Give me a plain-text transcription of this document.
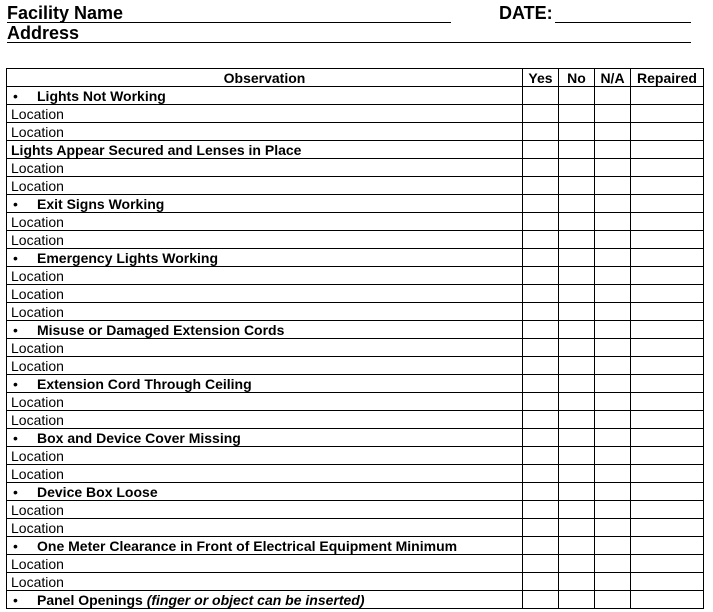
Facility Name	DATE:
Address
Observation	Yes	No	N/A	Repaired
• Lights Not Working				
Location				
Location				
Lights Appear Secured and Lenses in Place				
Location				
Location				
• Exit Signs Working				
Location				
Location				
• Emergency Lights Working				
Location				
Location				
Location				
• Misuse or Damaged Extension Cords				
Location				
Location				
• Extension Cord Through Ceiling				
Location				
Location				
• Box and Device Cover Missing				
Location				
Location				
• Device Box Loose				
Location				
Location				
• One Meter Clearance in Front of Electrical Equipment Minimum				
Location				
Location				
• Panel Openings (finger or object can be inserted)				
